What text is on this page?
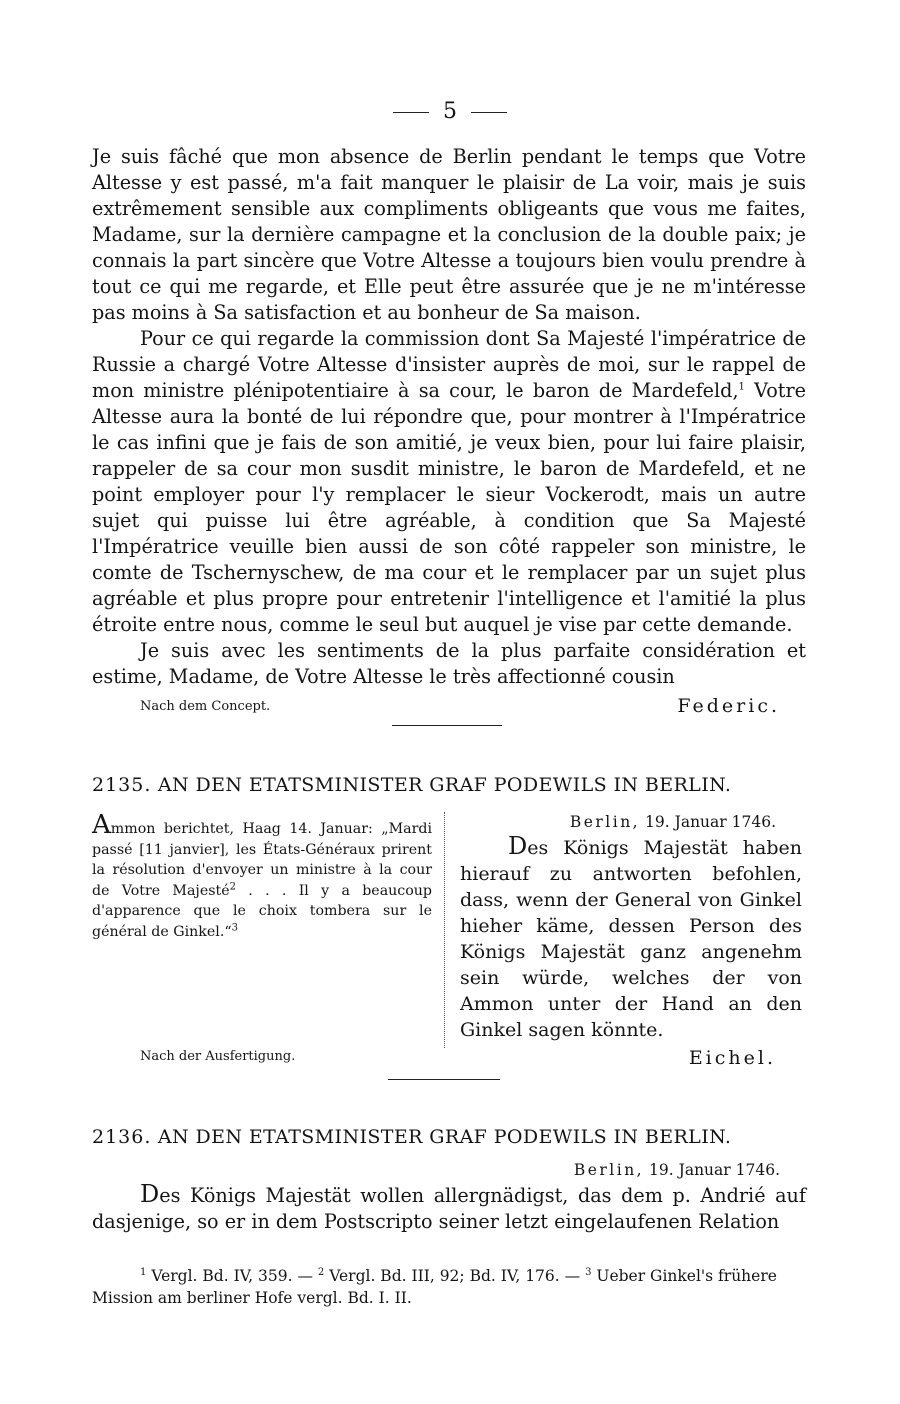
5

Je suis fâché que mon absence de Berlin pendant le temps que Votre Altesse y est passé, m'a fait manquer le plaisir de La voir, mais je suis extrêmement sensible aux compliments obligeants que vous me faites, Madame, sur la dernière campagne et la conclusion de la double paix; je connais la part sincère que Votre Altesse a toujours bien voulu prendre à tout ce qui me regarde, et Elle peut être assurée que je ne m'intéresse pas moins à Sa satisfaction et au bonheur de Sa maison.

Pour ce qui regarde la commission dont Sa Majesté l'impératrice de Russie a chargé Votre Altesse d'insister auprès de moi, sur le rappel de mon ministre plénipotentiaire à sa cour, le baron de Mardefeld,$^1$ Votre Altesse aura la bonté de lui répondre que, pour montrer à l'Impératrice le cas infini que je fais de son amitié, je veux bien, pour lui faire plaisir, rappeler de sa cour mon susdit ministre, le baron de Mardefeld, et ne point employer pour l'y remplacer le sieur Vockerodt, mais un autre sujet qui puisse lui être agréable, à condition que Sa Majesté l'Impératrice veuille bien aussi de son côté rappeler son ministre, le comte de Tschernyschew, de ma cour et le remplacer par un sujet plus agréable et plus propre pour entretenir l'intelligence et l'amitié la plus étroite entre nous, comme le seul but auquel je vise par cette demande.

Je suis avec les sentiments de la plus parfaite considération et estime, Madame, de Votre Altesse le très affectionné cousin

Nach dem Concept.	Federic.
2135. AN DEN ETATSMINISTER GRAF PODEWILS IN BERLIN.
Ammon berichtet, Haag 14. Januar: „Mardi passé [11 janvier], les États-Généraux prirent la résolution d'envoyer un ministre à la cour de Votre Majesté$^2$ . . . Il y a beaucoup d'apparence que le choix tombera sur le général de Ginkel.“$^3$
Berlin, 19. Januar 1746.
Des Königs Majestät haben hierauf zu antworten befohlen, dass, wenn der General von Ginkel hieher käme, dessen Person des Königs Majestät ganz angenehm sein würde, welches der von Ammon unter der Hand an den Ginkel sagen könnte.
Eichel.
Nach der Ausfertigung.
2136. AN DEN ETATSMINISTER GRAF PODEWILS IN BERLIN.
Berlin, 19. Januar 1746.

Des Königs Majestät wollen allergnädigst, das dem p. Andrié auf dasjenige, so er in dem Postscripto seiner letzt eingelaufenen Relation

$^1$ Vergl. Bd. IV, 359. — $^2$ Vergl. Bd. III, 92; Bd. IV, 176. — $^3$ Ueber Ginkel's frühere Mission am berliner Hofe vergl. Bd. I. II.
